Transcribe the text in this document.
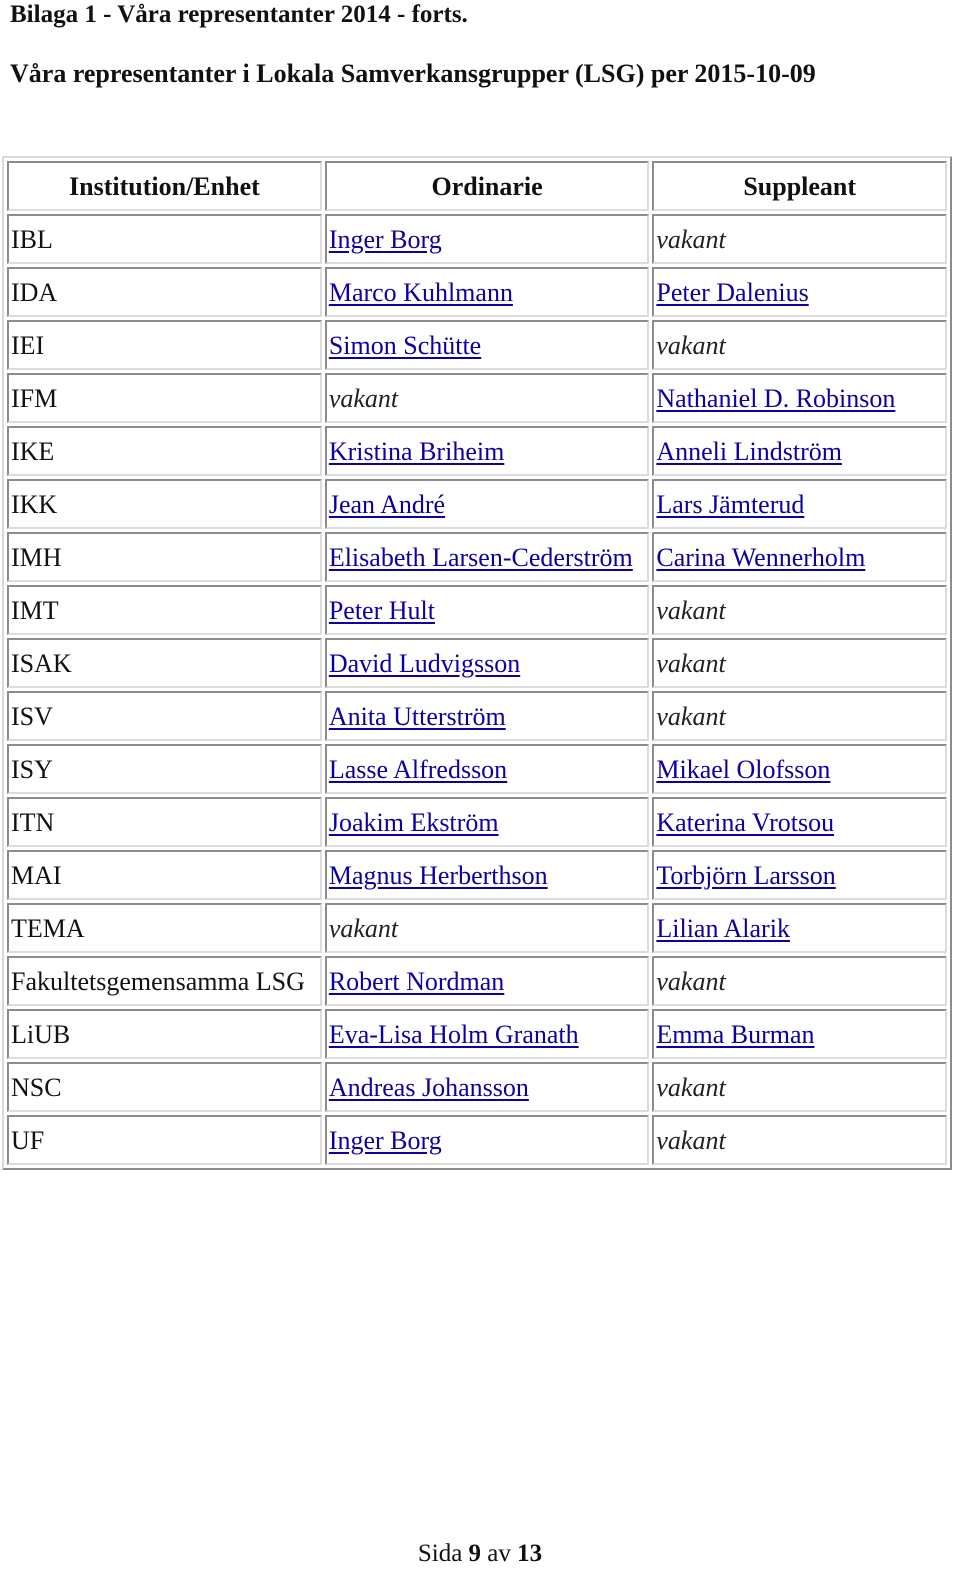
Bilaga 1 - Våra representanter 2014 - forts.
Våra representanter i Lokala Samverkansgrupper (LSG) per 2015-10-09
Institution/Enhet	Ordinarie	Suppleant
IBL	Inger Borg	vakant
IDA	Marco Kuhlmann	Peter Dalenius
IEI	Simon Schütte	vakant
IFM	vakant	Nathaniel D. Robinson
IKE	Kristina Briheim	Anneli Lindström
IKK	Jean André	Lars Jämterud
IMH	Elisabeth Larsen-Cederström	Carina Wennerholm
IMT	Peter Hult	vakant
ISAK	David Ludvigsson	vakant
ISV	Anita Utterström	vakant
ISY	Lasse Alfredsson	Mikael Olofsson
ITN	Joakim Ekström	Katerina Vrotsou
MAI	Magnus Herberthson	Torbjörn Larsson
TEMA	vakant	Lilian Alarik
Fakultetsgemensamma LSG	Robert Nordman	vakant
LiUB	Eva-Lisa Holm Granath	Emma Burman
NSC	Andreas Johansson	vakant
UF	Inger Borg	vakant
Sida 9 av 13
